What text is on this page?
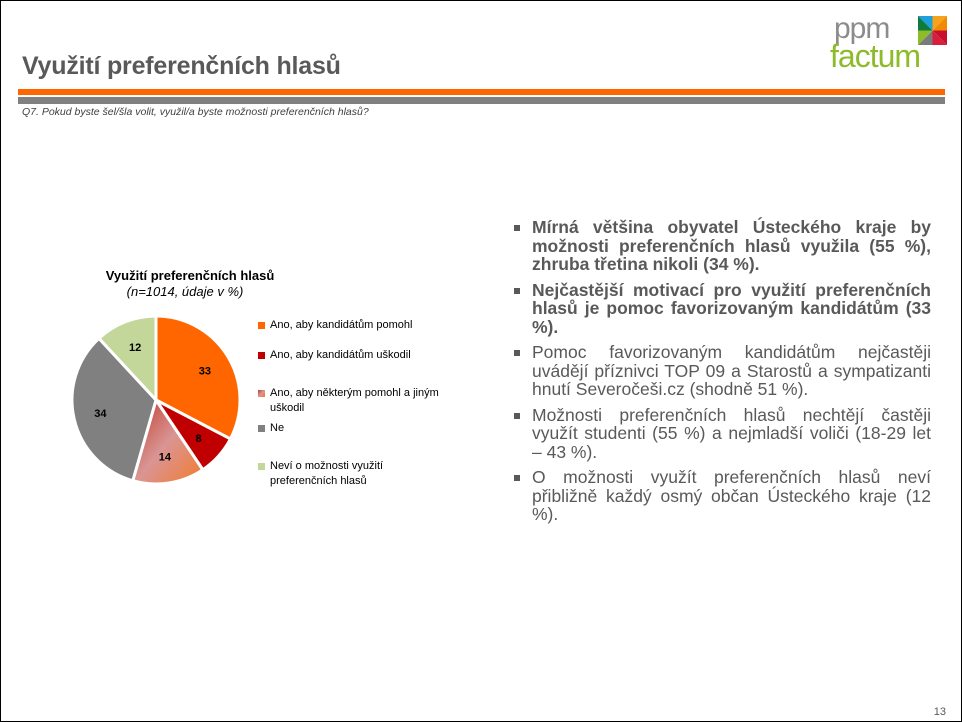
Využití preferenčních hlasů
ppm
factum
Q7. Pokud byste šel/šla volit, využil/a byste možnosti preferenčních hlasů?
Využití preferenčních hlasů
(n=1014, údaje v %)
33
8
14
34
12
Ano, aby kandidátům pomohl
Ano, aby kandidátům uškodil
Ano, aby některým pomohl a jiným uškodil
Ne
Neví o možnosti využití preferenčních hlasů
Mírná většina obyvatel Ústeckého kraje by možnosti preferenčních hlasů využila (55 %), zhruba třetina nikoli (34 %).
Nejčastější motivací pro využití preferenčních hlasů je pomoc favorizovaným kandidátům (33 %).
Pomoc favorizovaným kandidátům nejčastěji uvádějí příznivci TOP 09 a Starostů a sympatizanti hnutí Severočeši.cz (shodně 51 %).
Možnosti preferenčních hlasů nechtějí častěji využít studenti (55 %) a nejmladší voliči (18-29 let – 43 %).
O možnosti využít preferenčních hlasů neví přibližně každý osmý občan Ústeckého kraje (12 %).
13
